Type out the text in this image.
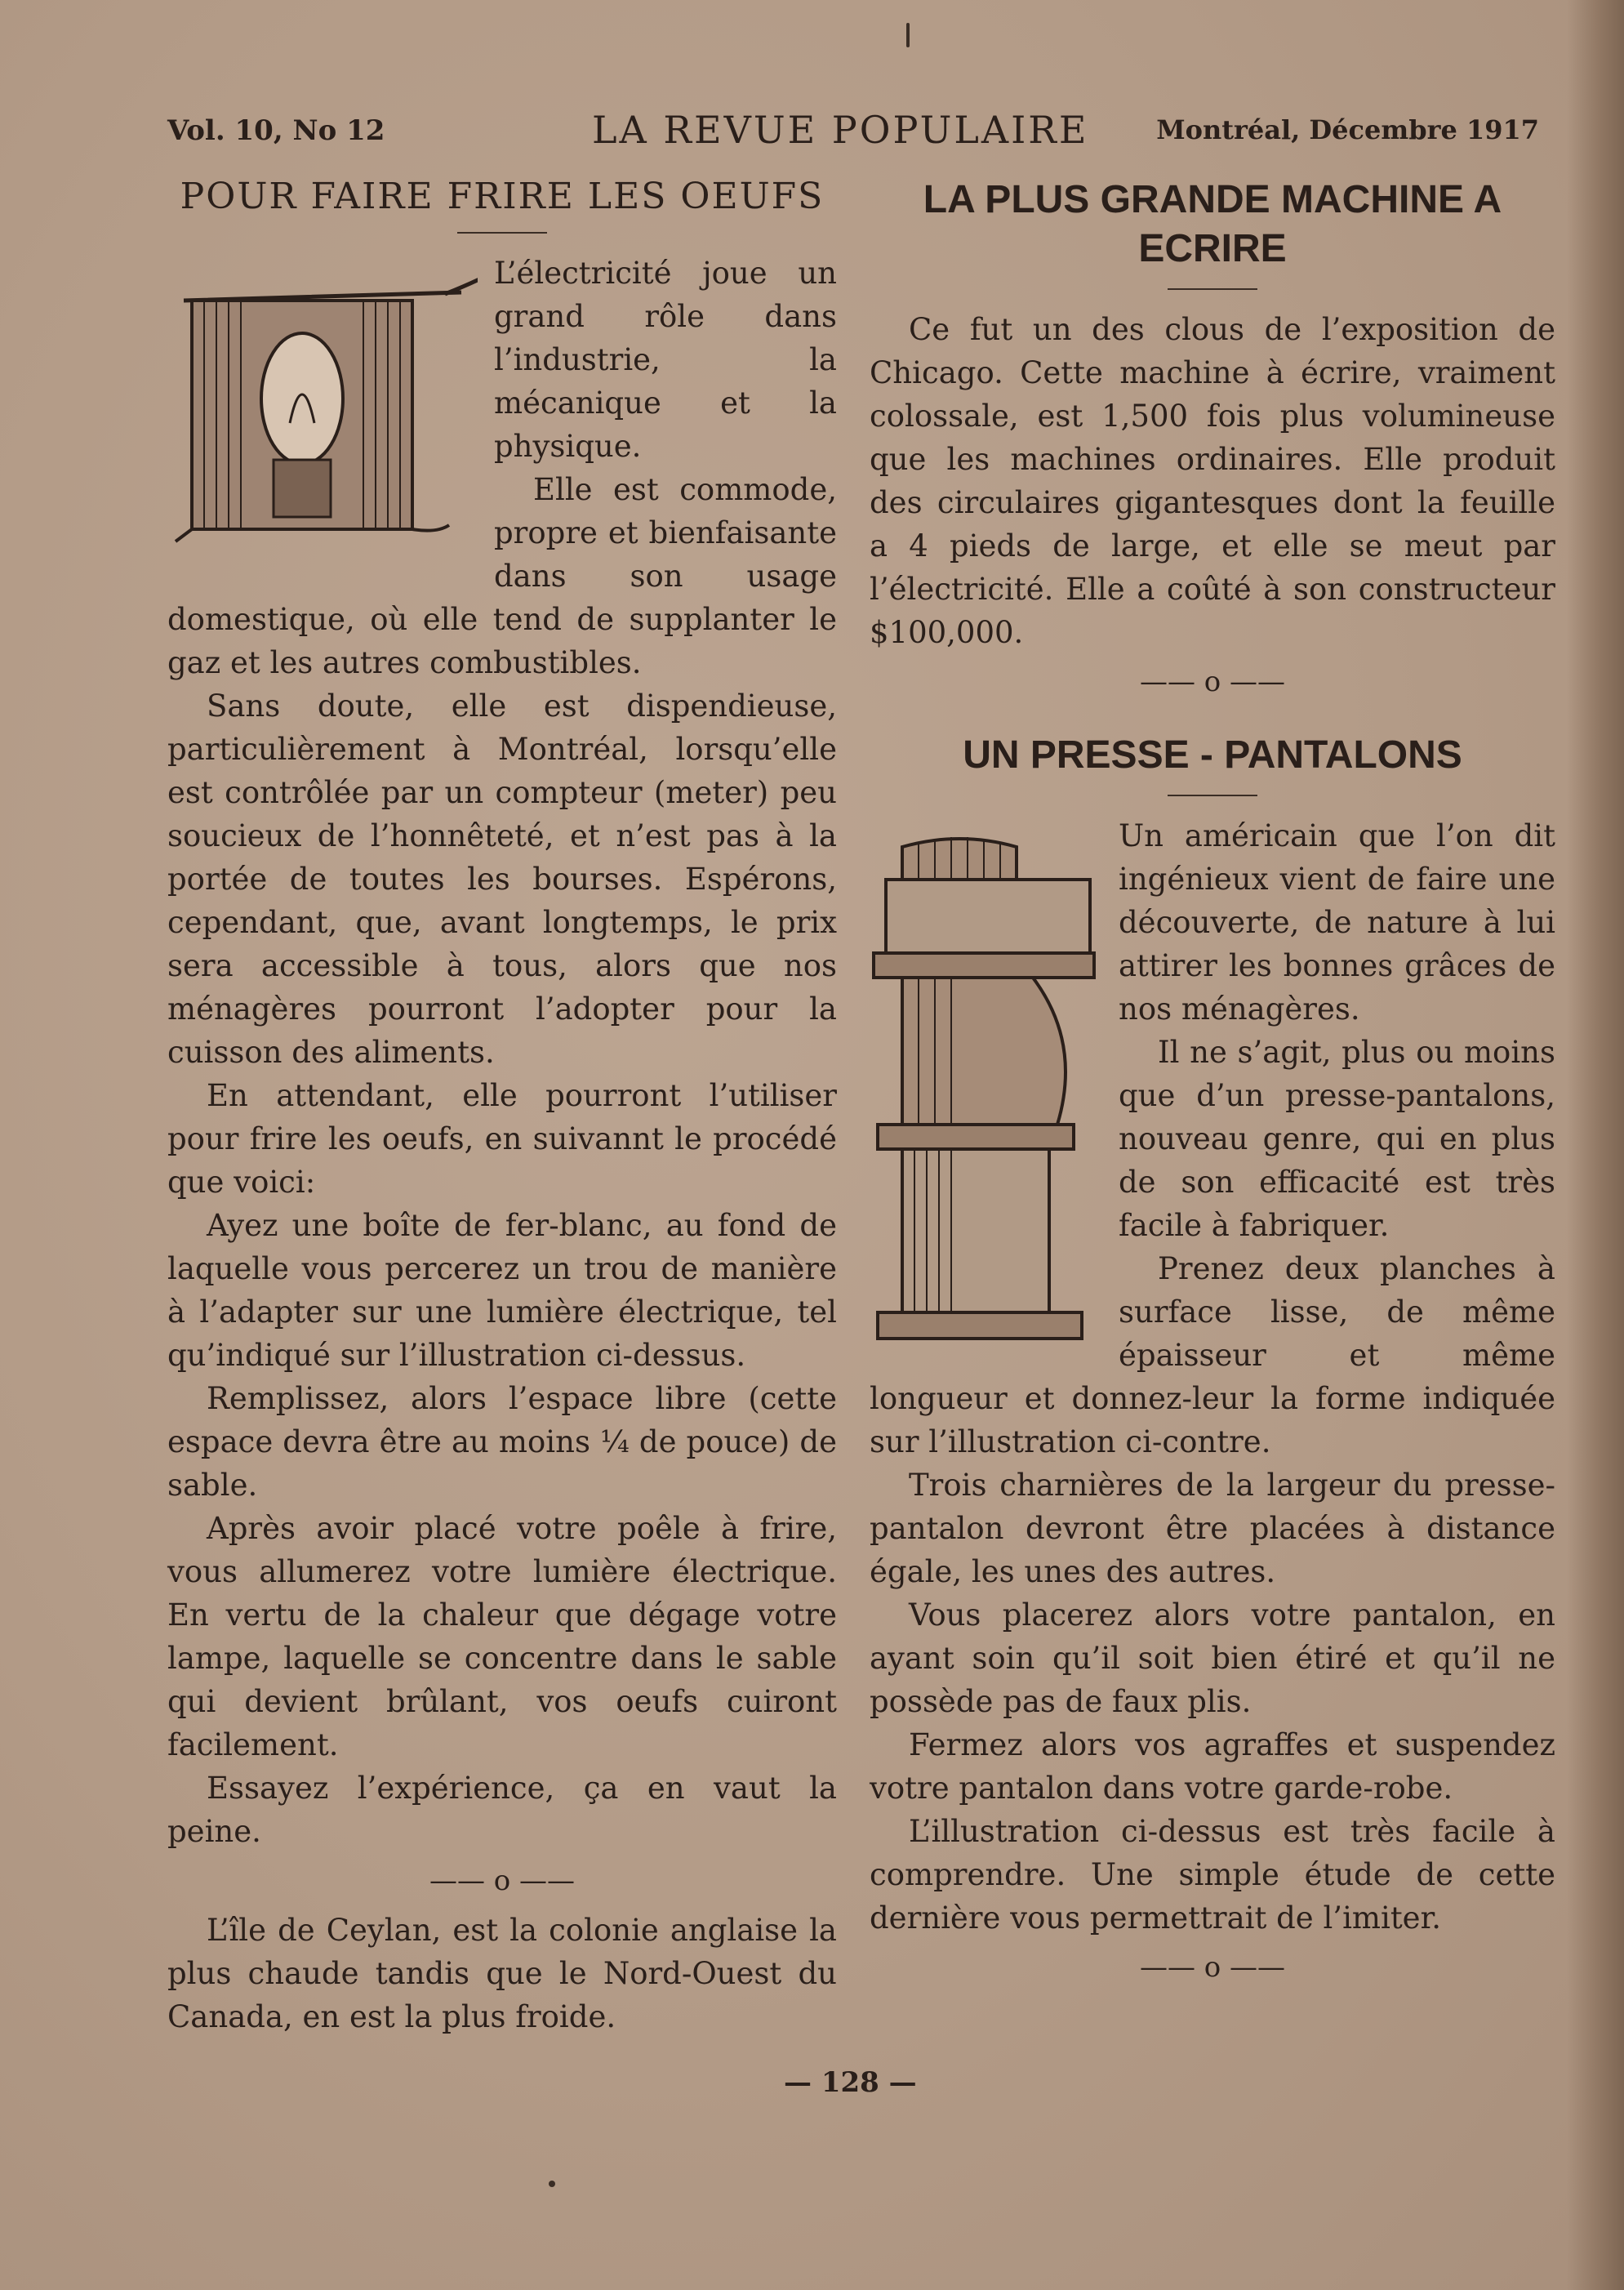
Vol. 10, No 12	LA REVUE POPULAIRE	Montréal, Décembre 1917
POUR FAIRE FRIRE LES OEUFS

L’électricité joue un grand rôle dans l’industrie, la mécanique et la physique.

Elle est commode, propre et bienfaisante dans son usage domestique, où elle tend de supplanter le gaz et les autres combustibles.

Sans doute, elle est dispendieuse, particulièrement à Montréal, lorsqu’elle est contrôlée par un compteur (meter) peu soucieux de l’honnêteté, et n’est pas à la portée de toutes les bourses. Espérons, cependant, que, avant longtemps, le prix sera accessible à tous, alors que nos ménagères pourront l’adopter pour la cuisson des aliments.

En attendant, elle pourront l’utiliser pour frire les oeufs, en suivannt le procédé que voici:

Ayez une boîte de fer-blanc, au fond de laquelle vous percerez un trou de manière à l’adapter sur une lumière électrique, tel qu’indiqué sur l’illustration ci-dessus.

Remplissez, alors l’espace libre (cette espace devra être au moins ¼ de pouce) de sable.

Après avoir placé votre poêle à frire, vous allumerez votre lumière électrique. En vertu de la chaleur que dégage votre lampe, laquelle se concentre dans le sable qui devient brûlant, vos oeufs cuiront facilement.

Essayez l’expérience, ça en vaut la peine.

—— o ——

L’île de Ceylan, est la colonie anglaise la plus chaude tandis que le Nord-Ouest du Canada, en est la plus froide.

LA PLUS GRANDE MACHINE A ECRIRE

Ce fut un des clous de l’exposition de Chicago. Cette machine à écrire, vraiment colossale, est 1,500 fois plus volumineuse que les machines ordinaires. Elle produit des circulaires gigantesques dont la feuille a 4 pieds de large, et elle se meut par l’électricité. Elle a coûté à son constructeur $100,000.

—— o ——
UN PRESSE - PANTALONS

Un américain que l’on dit ingénieux vient de faire une découverte, de nature à lui attirer les bonnes grâces de nos ménagères.

Il ne s’agit, plus ou moins que d’un presse-pantalons, nouveau genre, qui en plus de son efficacité est très facile à fabriquer.

Prenez deux planches à surface lisse, de même épaisseur et même longueur et donnez-leur la forme indiquée sur l’illustration ci-contre.

Trois charnières de la largeur du presse-pantalon devront être placées à distance égale, les unes des autres.

Vous placerez alors votre pantalon, en ayant soin qu’il soit bien étiré et qu’il ne possède pas de faux plis.

Fermez alors vos agraffes et suspendez votre pantalon dans votre garde-robe.

L’illustration ci-dessus est très facile à comprendre. Une simple étude de cette dernière vous permettrait de l’imiter.

—— o ——
— 128 —
